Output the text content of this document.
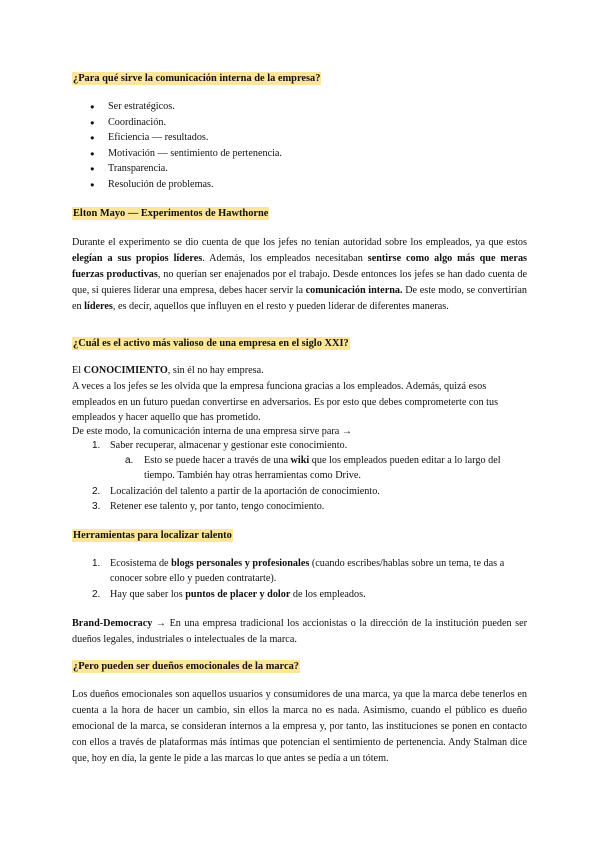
¿Para qué sirve la comunicación interna de la empresa?
● Ser estratégicos.
● Coordinación.
● Eficiencia — resultados.
● Motivación — sentimiento de pertenencia.
● Transparencia.
● Resolución de problemas.
Elton Mayo — Experimentos de Hawthorne
Durante el experimento se dio cuenta de que los jefes no tenían autoridad sobre los empleados, ya que estos elegían a sus propios líderes. Además, los empleados necesitaban sentirse como algo más que meras fuerzas productivas, no querían ser enajenados por el trabajo. Desde entonces los jefes se han dado cuenta de que, si quieres liderar una empresa, debes hacer servir la comunicación interna. De este modo, se convertirían en líderes, es decir, aquellos que influyen en el resto y pueden liderar de diferentes maneras.
¿Cuál es el activo más valioso de una empresa en el siglo XXI?
El CONOCIMIENTO, sin él no hay empresa.
A veces a los jefes se les olvida que la empresa funciona gracias a los empleados. Además, quizá esos empleados en un futuro puedan convertirse en adversarios. Es por esto que debes comprometerte con tus empleados y hacer aquello que has prometido.
De este modo, la comunicación interna de una empresa sirve para →
1. Saber recuperar, almacenar y gestionar este conocimiento.
a. Esto se puede hacer a través de una wiki que los empleados pueden editar a lo largo del tiempo. También hay otras herramientas como Drive.
2. Localización del talento a partir de la aportación de conocimiento.
3. Retener ese talento y, por tanto, tengo conocimiento.
Herramientas para localizar talento
1. Ecosistema de blogs personales y profesionales (cuando escribes/hablas sobre un tema, te das a conocer sobre ello y pueden contratarte).
2. Hay que saber los puntos de placer y dolor de los empleados.
Brand-Democracy → En una empresa tradicional los accionistas o la dirección de la institución pueden ser dueños legales, industriales o intelectuales de la marca.
¿Pero pueden ser dueños emocionales de la marca?
Los dueños emocionales son aquellos usuarios y consumidores de una marca, ya que la marca debe tenerlos en cuenta a la hora de hacer un cambio, sin ellos la marca no es nada. Asimismo, cuando el público es dueño emocional de la marca, se consideran internos a la empresa y, por tanto, las instituciones se ponen en contacto con ellos a través de plataformas más íntimas que potencian el sentimiento de pertenencia. Andy Stalman dice que, hoy en día, la gente le pide a las marcas lo que antes se pedía a un tótem.
